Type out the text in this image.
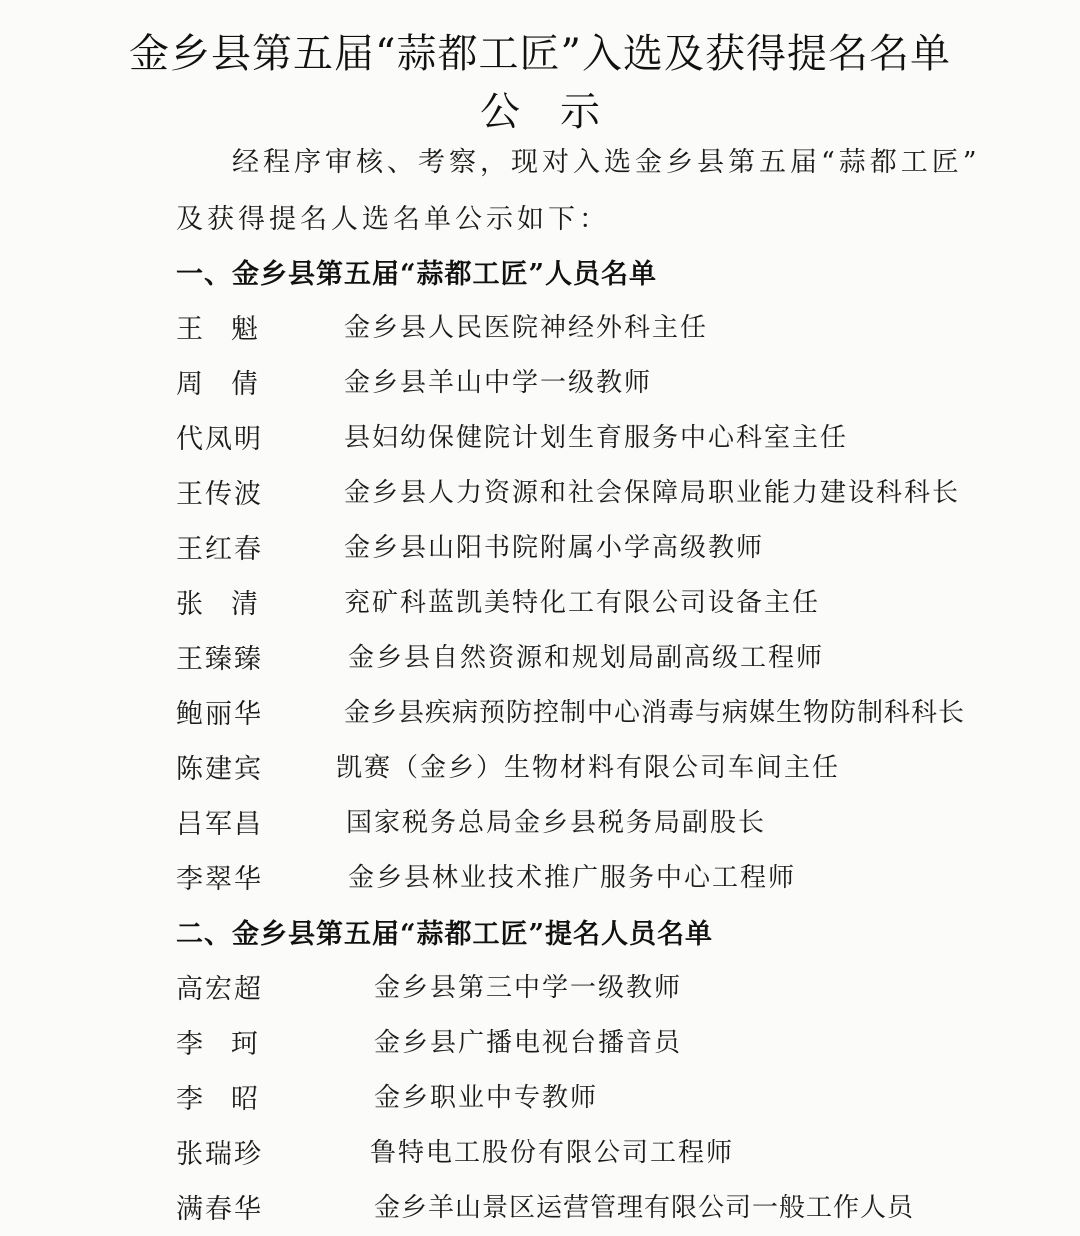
金乡县第五届“蒜都工匠”入选及获得提名名单
公示
经程序审核、考察，现对入选金乡县第五届“蒜都工匠”
及获得提名人选名单公示如下：
一、金乡县第五届“蒜都工匠”人员名单
王魁 金乡县人民医院神经外科主任
周倩 金乡县羊山中学一级教师
代凤明	县妇幼保健院计划生育服务中心科室主任
王传波	金乡县人力资源和社会保障局职业能力建设科科长
王红春	金乡县山阳书院附属小学高级教师
张清 兖矿科蓝凯美特化工有限公司设备主任
王臻臻	金乡县自然资源和规划局副高级工程师
鲍丽华	金乡县疾病预防控制中心消毒与病媒生物防制科科长
陈建宾	凯赛（金乡）生物材料有限公司车间主任
吕军昌	国家税务总局金乡县税务局副股长
李翠华	金乡县林业技术推广服务中心工程师
二、金乡县第五届“蒜都工匠”提名人员名单
高宏超	金乡县第三中学一级教师
李珂	金乡县广播电视台播音员
李昭	金乡职业中专教师
张瑞珍	鲁特电工股份有限公司工程师
满春华	金乡羊山景区运营管理有限公司一般工作人员
